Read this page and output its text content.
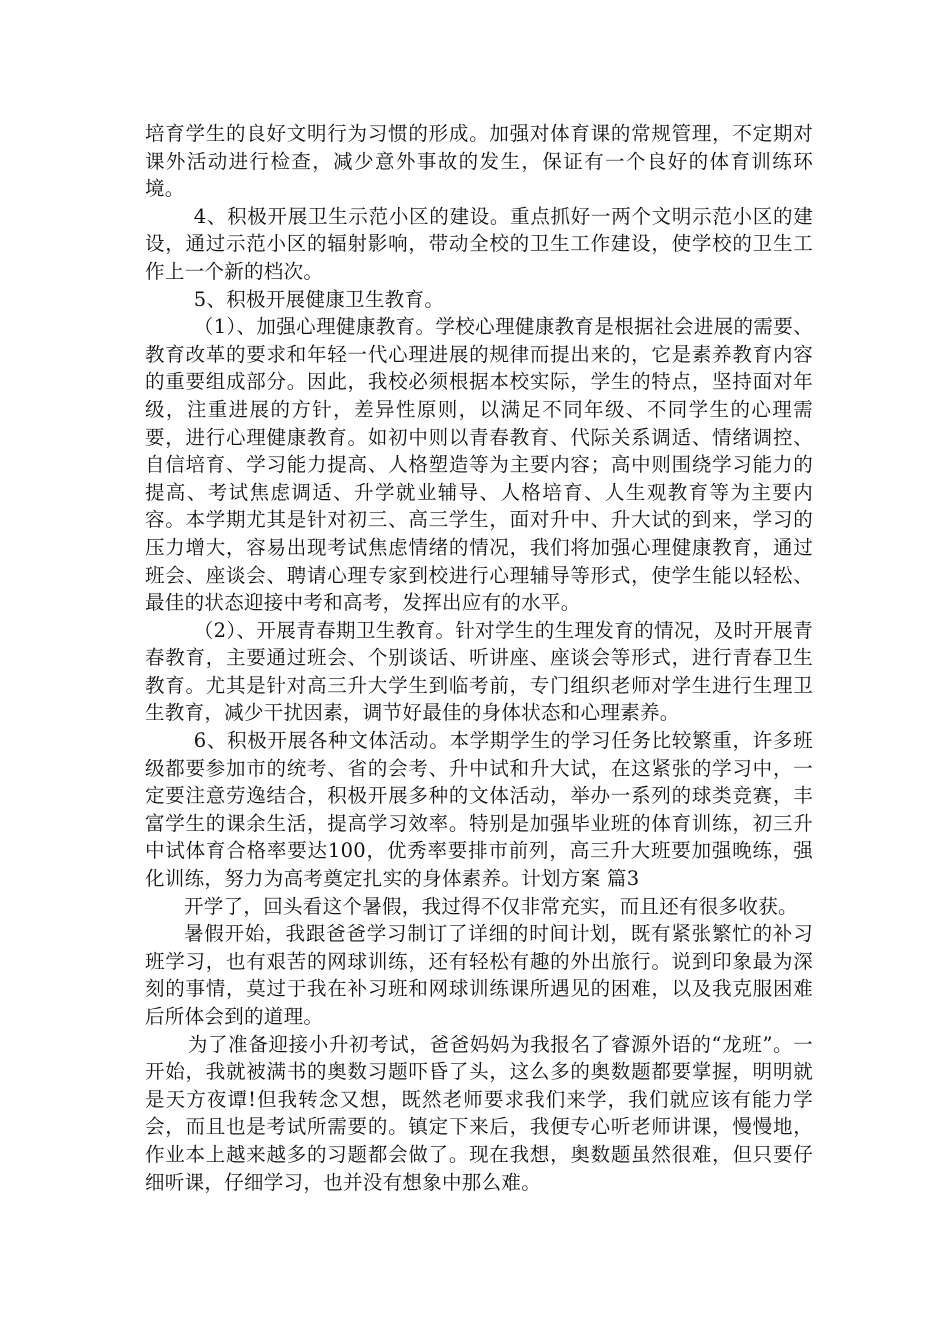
培育学生的良好文明行为习惯的形成。加强对体育课的常规管理，不定期对课外活动进行检查，减少意外事故的发生，保证有一个良好的体育训练环境。

4、积极开展卫生示范小区的建设。重点抓好一两个文明示范小区的建设，通过示范小区的辐射影响，带动全校的卫生工作建设，使学校的卫生工作上一个新的档次。

5、积极开展健康卫生教育。

（1）、加强心理健康教育。学校心理健康教育是根据社会进展的需要、教育改革的要求和年轻一代心理进展的规律而提出来的，它是素养教育内容的重要组成部分。因此，我校必须根据本校实际，学生的特点，坚持面对年级，注重进展的方针，差异性原则，以满足不同年级、不同学生的心理需要，进行心理健康教育。如初中则以青春教育、代际关系调适、情绪调控、自信培育、学习能力提高、人格塑造等为主要内容；高中则围绕学习能力的提高、考试焦虑调适、升学就业辅导、人格培育、人生观教育等为主要内容。本学期尤其是针对初三、高三学生，面对升中、升大试的到来，学习的压力增大，容易出现考试焦虑情绪的情况，我们将加强心理健康教育，通过班会、座谈会、聘请心理专家到校进行心理辅导等形式，使学生能以轻松、最佳的状态迎接中考和高考，发挥出应有的水平。

（2）、开展青春期卫生教育。针对学生的生理发育的情况，及时开展青春教育，主要通过班会、个别谈话、听讲座、座谈会等形式，进行青春卫生教育。尤其是针对高三升大学生到临考前，专门组织老师对学生进行生理卫生教育，减少干扰因素，调节好最佳的身体状态和心理素养。

6、积极开展各种文体活动。本学期学生的学习任务比较繁重，许多班级都要参加市的统考、省的会考、升中试和升大试，在这紧张的学习中，一定要注意劳逸结合，积极开展多种的文体活动，举办一系列的球类竞赛，丰富学生的课余生活，提高学习效率。特别是加强毕业班的体育训练，初三升中试体育合格率要达100，优秀率要排市前列，高三升大班要加强晚练，强化训练，努力为高考奠定扎实的身体素养。计划方案 篇3

开学了，回头看这个暑假，我过得不仅非常充实，而且还有很多收获。

暑假开始，我跟爸爸学习制订了详细的时间计划，既有紧张繁忙的补习班学习，也有艰苦的网球训练，还有轻松有趣的外出旅行。说到印象最为深刻的事情，莫过于我在补习班和网球训练课所遇见的困难，以及我克服困难后所体会到的道理。

为了准备迎接小升初考试，爸爸妈妈为我报名了睿源外语的“龙班”。一开始，我就被满书的奥数习题吓昏了头，这么多的奥数题都要掌握，明明就是天方夜谭!但我转念又想，既然老师要求我们来学，我们就应该有能力学会，而且也是考试所需要的。镇定下来后，我便专心听老师讲课，慢慢地，作业本上越来越多的习题都会做了。现在我想，奥数题虽然很难，但只要仔细听课，仔细学习，也并没有想象中那么难。
